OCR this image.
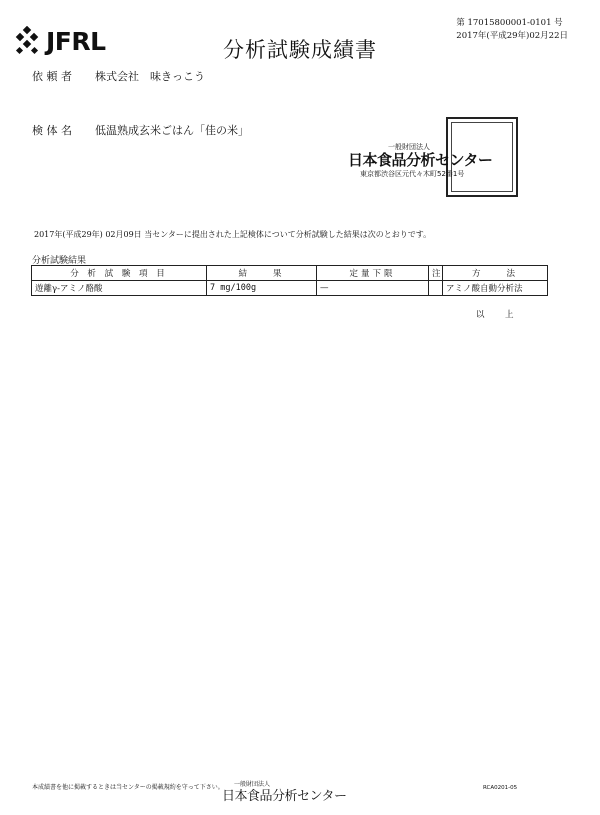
JFRL	分析試験成績書
第 17015800001-0101 号
2017年(平成29年)02月22日
依 頼 者 株式会社　味きっこう
検 体 名 低温熟成玄米ごはん「佳の米」
一般財団法人
日本食品分析センター
東京都渋谷区元代々木町52番1号
2017年(平成29年) 02月09日 当センターに提出された上記検体について分析試験した結果は次のとおりです。
分析試験結果
分 析 試 験 項 目	結　　果	定量下限	注	方　　法
遊離γ-アミノ酪酸	7 mg/100g	—		アミノ酸自動分析法
以　上
本成績書を他に掲載するときは当センターの掲載規約を守って下さい。 一般財団法人
日本食品分析センター
RCA0201-05
